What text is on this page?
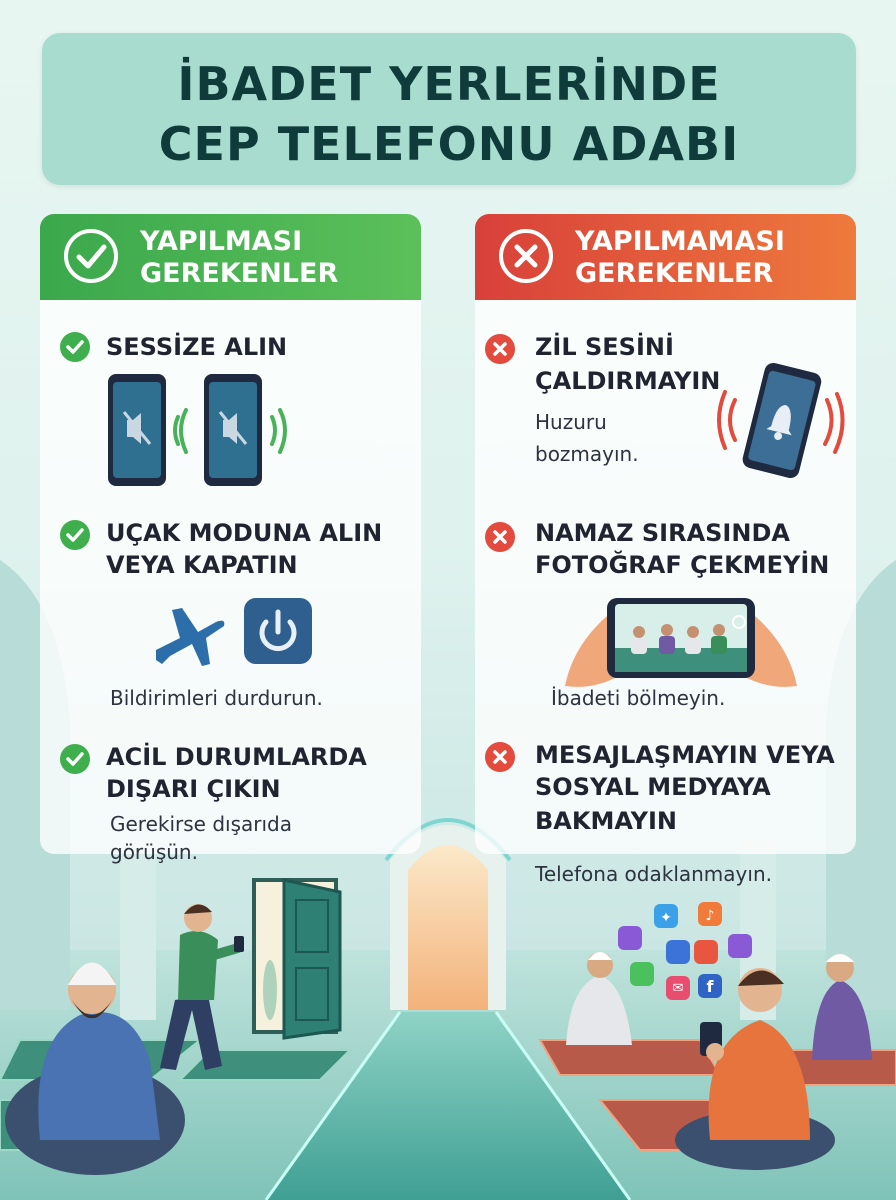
İBADET YERLERİNDE
CEP TELEFONU ADABI
YAPILMASI
GEREKENLER
SESSİZE ALIN
UÇAK MODUNA ALIN
VEYA KAPATIN
Bildirimleri durdurun.
ACİL DURUMLARDA
DIŞARI ÇIKIN
Gerekirse dışarıda
görüşün.
YAPILMAMASI
GEREKENLER
ZİL SESİNİ
ÇALDIRMAYIN
Huzuru
bozmayın.
NAMAZ SIRASINDA
FOTOĞRAF ÇEKMEYİN
İbadeti bölmeyin.
MESAJLAŞMAYIN VEYA
SOSYAL MEDYAYA
BAKMAYIN
Telefona odaklanmayın.
✦ ♪
f
✉
